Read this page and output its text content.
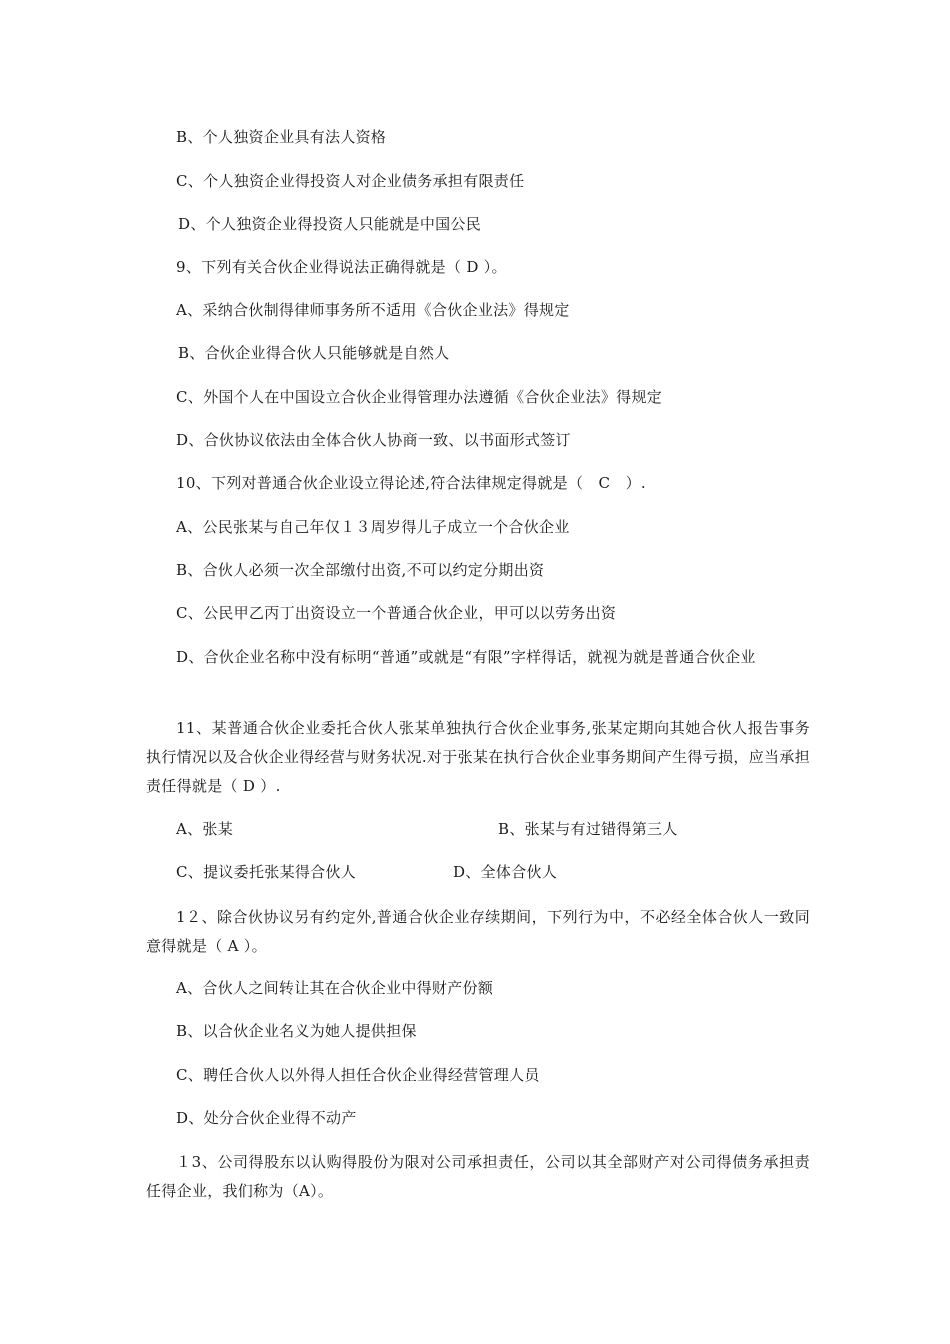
B、个人独资企业具有法人资格
C、个人独资企业得投资人对企业债务承担有限责任
D、个人独资企业得投资人只能就是中国公民
9、下列有关合伙企业得说法正确得就是（ D ）。
A、采纳合伙制得律师事务所不适用《合伙企业法》得规定
B、合伙企业得合伙人只能够就是自然人
C、外国个人在中国设立合伙企业得管理办法遵循《合伙企业法》得规定
D、合伙协议依法由全体合伙人协商一致、以书面形式签订
10、下列对普通合伙企业设立得论述,符合法律规定得就是（　C　）.
A、公民张某与自己年仅１３周岁得儿子成立一个合伙企业
B、合伙人必须一次全部缴付出资,不可以约定分期出资
C、公民甲乙丙丁出资设立一个普通合伙企业，甲可以以劳务出资
D、合伙企业名称中没有标明“普通”或就是“有限”字样得话，就视为就是普通合伙企业
11、某普通合伙企业委托合伙人张某单独执行合伙企业事务,张某定期向其她合伙人报告事务执行情况以及合伙企业得经营与财务状况.对于张某在执行合伙企业事务期间产生得亏损，应当承担责任得就是（ D ）.
A、张某	B、张某与有过错得第三人
C、提议委托张某得合伙人	D、全体合伙人
1２、除合伙协议另有约定外,普通合伙企业存续期间，下列行为中，不必经全体合伙人一致同意得就是（ A ）。
A、合伙人之间转让其在合伙企业中得财产份额
B、以合伙企业名义为她人提供担保
C、聘任合伙人以外得人担任合伙企业得经营管理人员
D、处分合伙企业得不动产
１3、公司得股东以认购得股份为限对公司承担责任，公司以其全部财产对公司得债务承担责任得企业，我们称为（A）。
